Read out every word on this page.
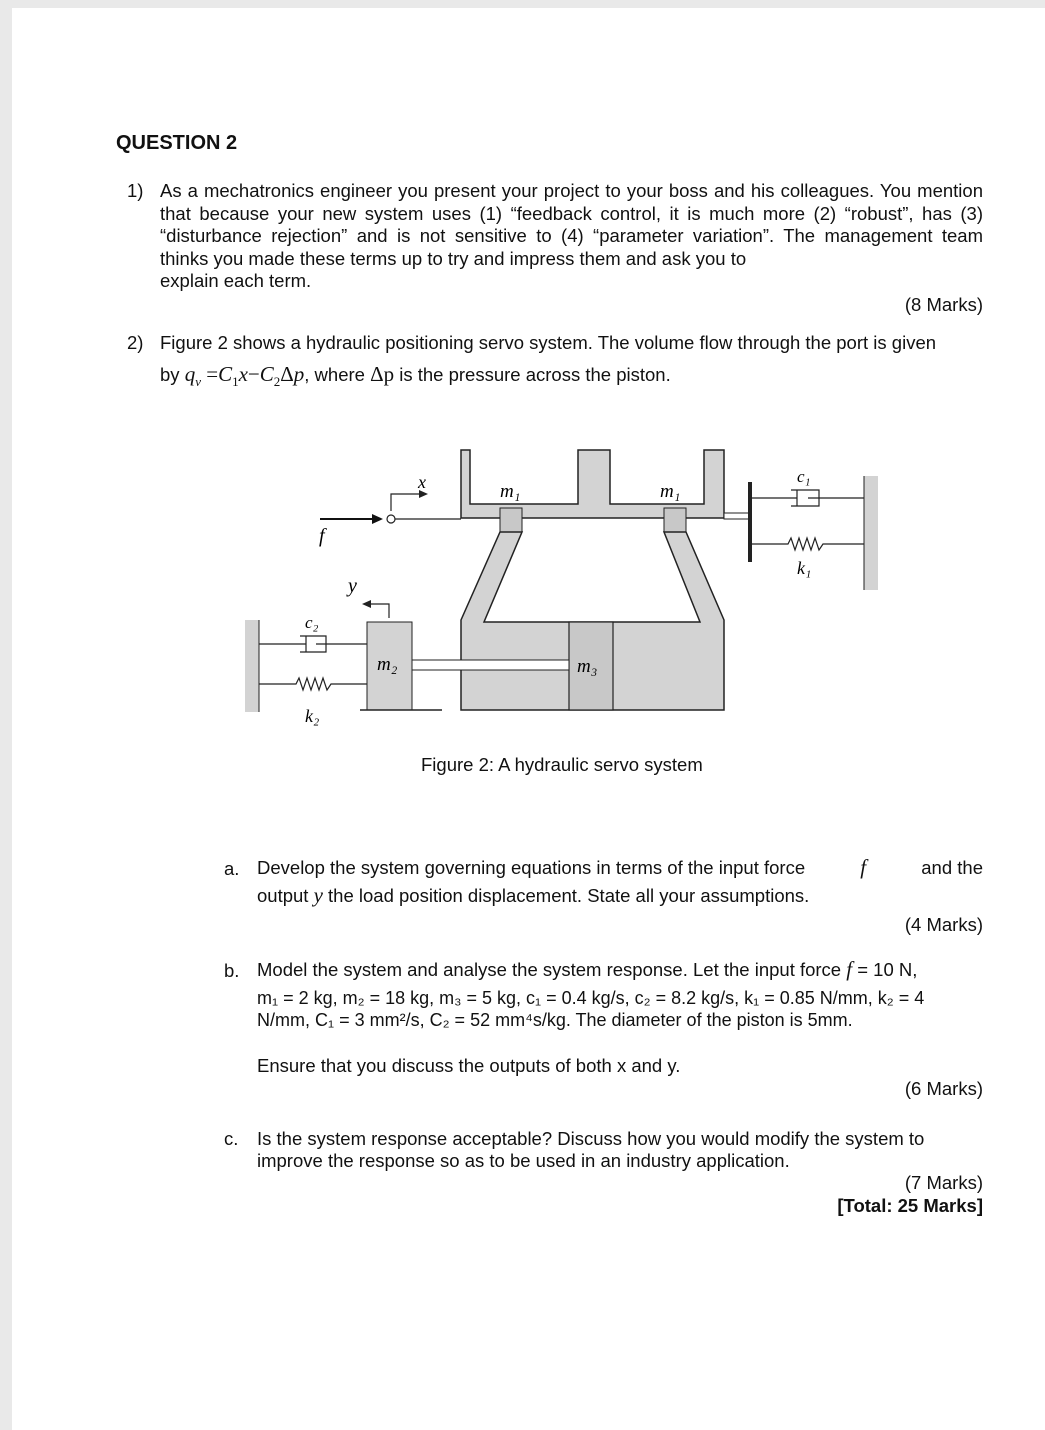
QUESTION 2
1) As a mechatronics engineer you present your project to your boss and his colleagues. You mention that because your new system uses (1) “feedback control, it is much more (2) “robust”, has (3) “disturbance rejection” and is not sensitive to (4) “parameter variation”. The management team thinks you made these terms up to try and impress them and ask you to
explain each term.
(8 Marks)
2) Figure 2 shows a hydraulic positioning servo system. The volume flow through the port is given
by $q_v =C_1x-C_2\Delta p$, where Δp is the pressure across the piston.
x
f
y
m₁	m₁
m₂	m₃
c₁
k₁
c₂
k₂
Figure 2: A hydraulic servo system
a. Develop the system governing equations in terms of the input force	f	and the
output y the load position displacement. State all your assumptions.
(4 Marks)
b. Model the system and analyse the system response. Let the input force f = 10 N,
m₁ = 2 kg, m₂ = 18 kg, m₃ = 5 kg, c₁ = 0.4 kg/s, c₂ = 8.2 kg/s, k₁ = 0.85 N/mm, k₂ = 4
N/mm, C₁ = 3 mm²/s, C₂ = 52 mm⁴s/kg. The diameter of the piston is 5mm.
Ensure that you discuss the outputs of both x and y.
(6 Marks)
c. Is the system response acceptable? Discuss how you would modify the system to
improve the response so as to be used in an industry application.
(7 Marks)
[Total: 25 Marks]
